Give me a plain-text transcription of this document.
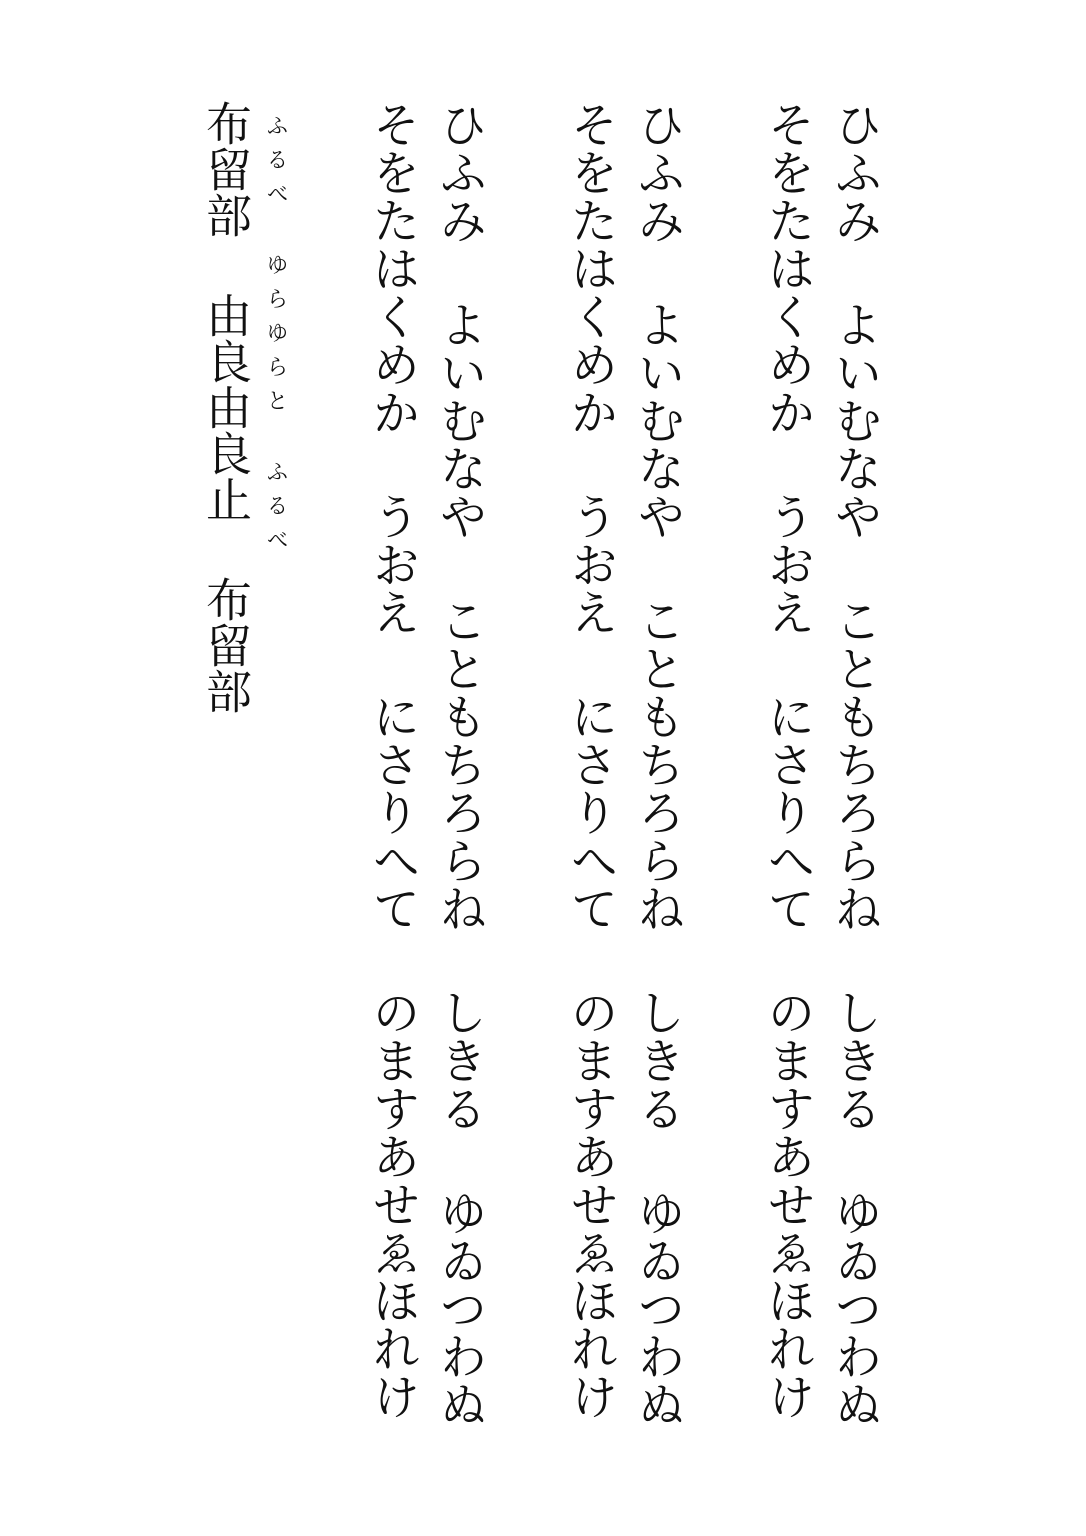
ひふみ よいむなや こともちろらね しきる ゆゐつわぬ
そをたはくめか うおえ にさりへて のますあせゑほれけ
ひふみ よいむなや こともちろらね しきる ゆゐつわぬ
そをたはくめか うおえ にさりへて のますあせゑほれけ
ひふみ よいむなや こともちろらね しきる ゆゐつわぬ
そをたはくめか うおえ にさりへて のますあせゑほれけ
ふるべ ゆらゆらと ふるべ
布留部 由良由良止 布留部
